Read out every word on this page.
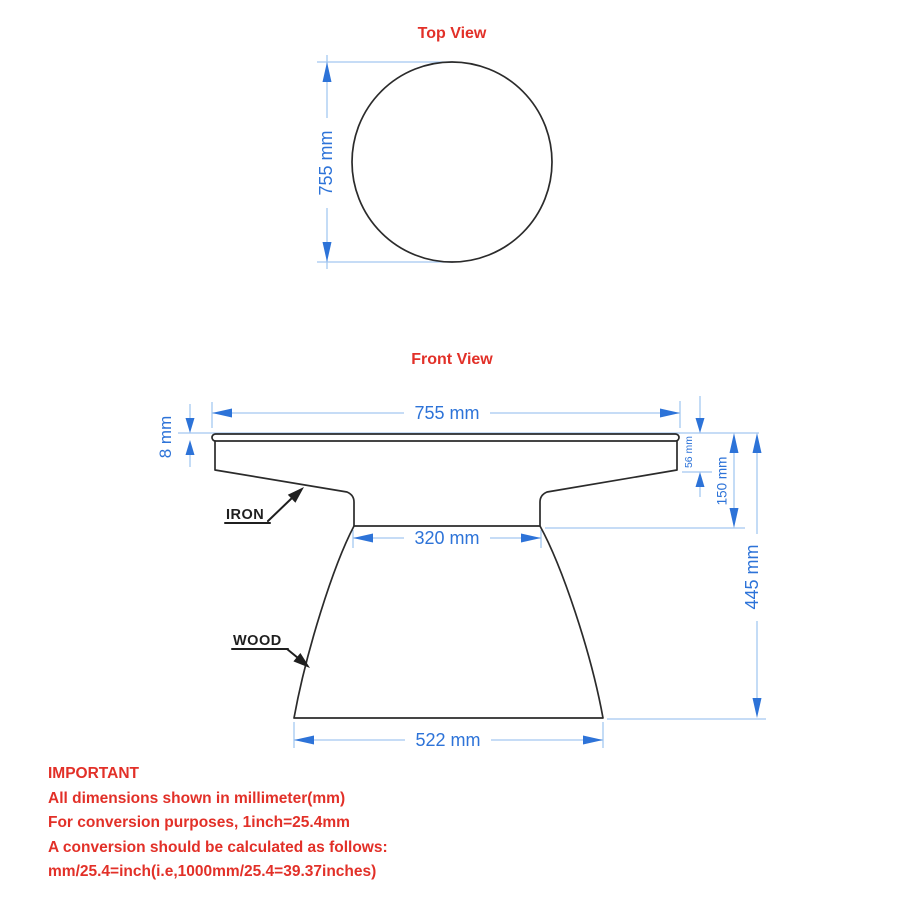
Top View
755 mm
Front View
755 mm
8 mm	56 mm
150 mm
445 mm
320 mm
522 mm
IRON
WOOD
IMPORTANT
All dimensions shown in millimeter(mm)
For conversion purposes, 1inch=25.4mm
A conversion should be calculated as follows:
mm/25.4=inch(i.e,1000mm/25.4=39.37inches)
